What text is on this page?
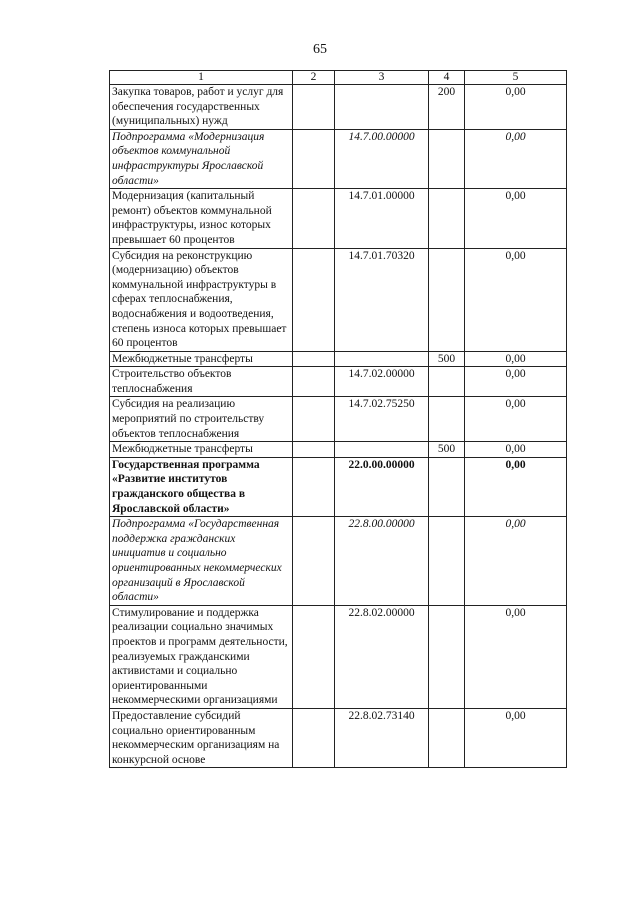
65
1	2	3	4	5
Закупка товаров, работ и услуг для обеспечения государственных (муниципальных) нужд			200	0,00
Подпрограмма «Модернизация объектов коммунальной инфраструктуры Ярославской области»		14.7.00.00000		0,00
Модернизация (капитальный ремонт) объектов коммунальной инфраструктуры, износ которых превышает 60 процентов		14.7.01.00000		0,00
Субсидия на реконструкцию (модернизацию) объектов коммунальной инфраструктуры в сферах теплоснабжения, водоснабжения и водоотведения, степень износа которых превышает 60 процентов		14.7.01.70320		0,00
Межбюджетные трансферты			500	0,00
Строительство объектов теплоснабжения		14.7.02.00000		0,00
Субсидия на реализацию мероприятий по строительству объектов теплоснабжения		14.7.02.75250		0,00
Межбюджетные трансферты			500	0,00
Государственная программа «Развитие институтов гражданского общества в Ярославской области»		22.0.00.00000		0,00
Подпрограмма «Государственная поддержка гражданских инициатив и социально ориентированных некоммерческих организаций в Ярославской области»		22.8.00.00000		0,00
Стимулирование и поддержка реализации социально значимых проектов и программ деятельности, реализуемых гражданскими активистами и социально ориентированными некоммерческими организациями		22.8.02.00000		0,00
Предоставление субсидий социально ориентированным некоммерческим организациям на конкурсной основе		22.8.02.73140		0,00
